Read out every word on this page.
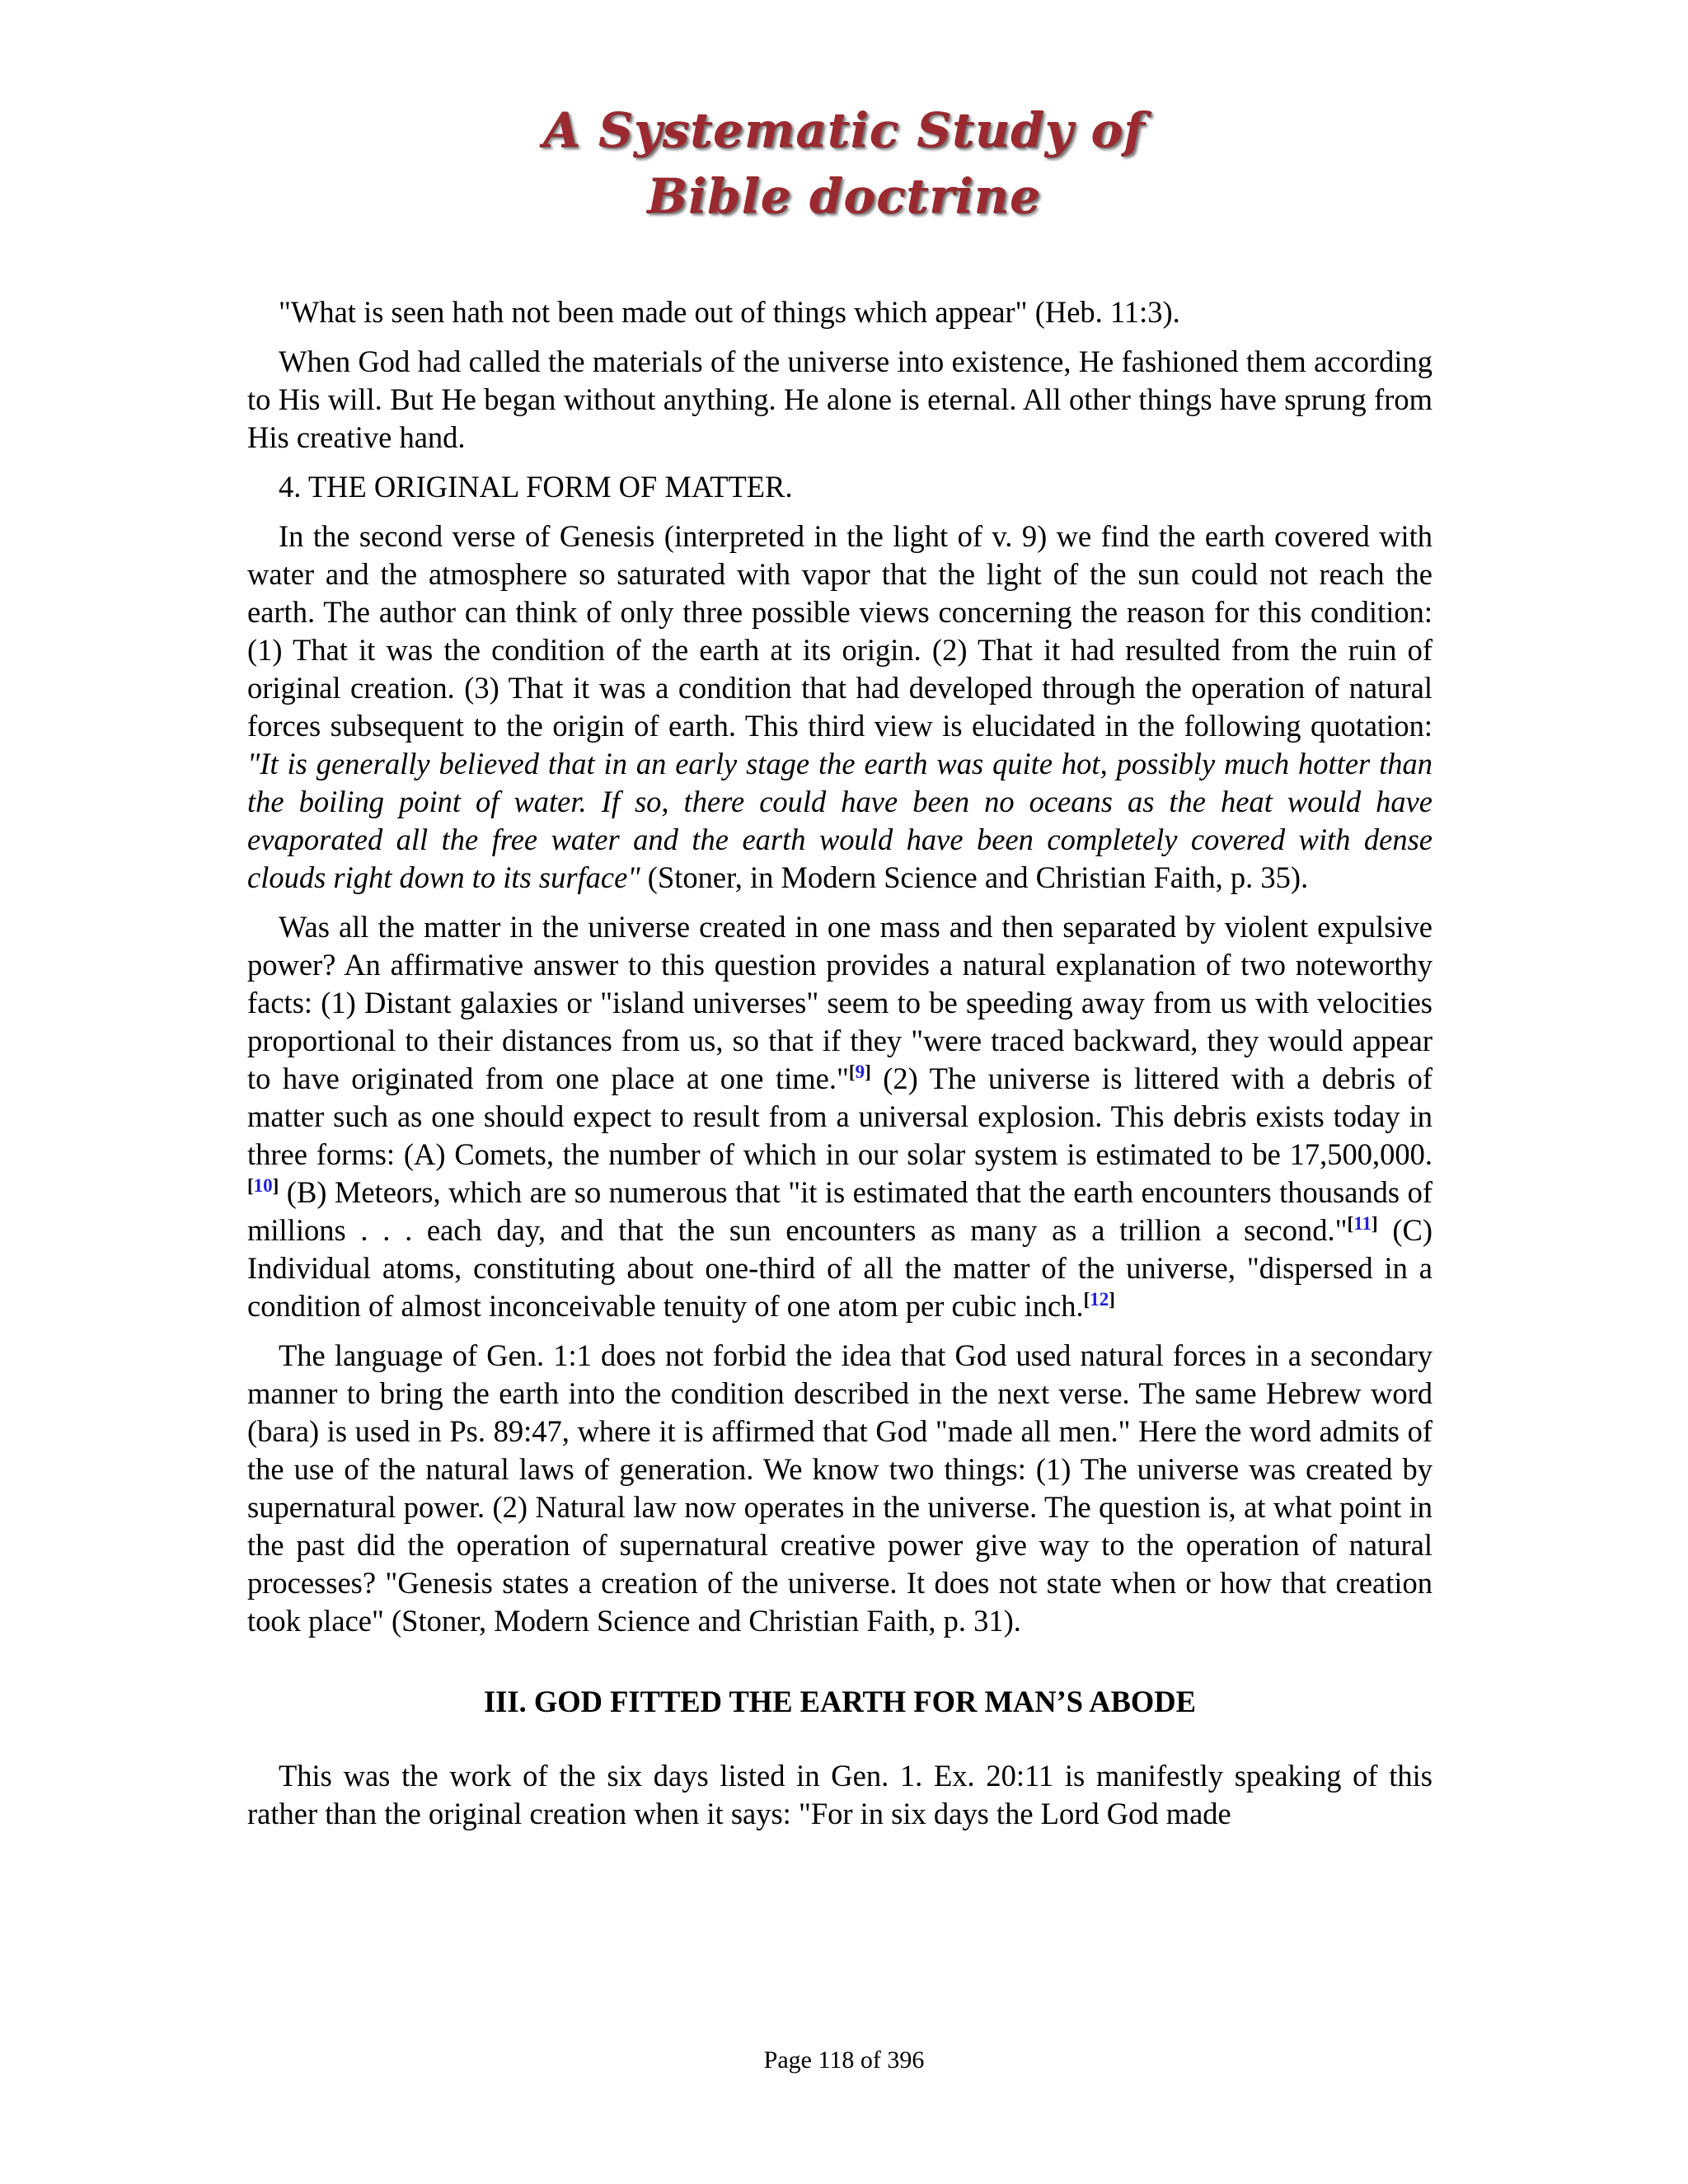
A Systematic Study of
Bible doctrine

"What is seen hath not been made out of things which appear" (Heb. 11:3).

When God had called the materials of the universe into existence, He fashioned them according to His will. But He began without anything. He alone is eternal. All other things have sprung from His creative hand.

4. THE ORIGINAL FORM OF MATTER.

In the second verse of Genesis (interpreted in the light of v. 9) we find the earth covered with water and the atmosphere so saturated with vapor that the light of the sun could not reach the earth. The author can think of only three possible views concerning the reason for this condition: (1) That it was the condition of the earth at its origin. (2) That it had resulted from the ruin of original creation. (3) That it was a condition that had developed through the operation of natural forces subsequent to the origin of earth. This third view is elucidated in the following quotation: "It is generally believed that in an early stage the earth was quite hot, possibly much hotter than the boiling point of water. If so, there could have been no oceans as the heat would have evaporated all the free water and the earth would have been completely covered with dense clouds right down to its surface" (Stoner, in Modern Science and Christian Faith, p. 35).

Was all the matter in the universe created in one mass and then separated by violent expulsive power? An affirmative answer to this question provides a natural explanation of two noteworthy facts: (1) Distant galaxies or "island universes" seem to be speeding away from us with velocities proportional to their distances from us, so that if they "were traced backward, they would appear to have originated from one place at one time."[9] (2) The universe is littered with a debris of matter such as one should expect to result from a universal explosion. This debris exists today in three forms: (A) Comets, the number of which in our solar system is estimated to be 17,500,000.[10] (B) Meteors, which are so numerous that "it is estimated that the earth encounters thousands of millions . . . each day, and that the sun encounters as many as a trillion a second."[11] (C) Individual atoms, constituting about one-third of all the matter of the universe, "dispersed in a condition of almost inconceivable tenuity of one atom per cubic inch.[12]

The language of Gen. 1:1 does not forbid the idea that God used natural forces in a secondary manner to bring the earth into the condition described in the next verse. The same Hebrew word (bara) is used in Ps. 89:47, where it is affirmed that God "made all men." Here the word admits of the use of the natural laws of generation. We know two things: (1) The universe was created by supernatural power. (2) Natural law now operates in the universe. The question is, at what point in the past did the operation of supernatural creative power give way to the operation of natural processes? "Genesis states a creation of the universe. It does not state when or how that creation took place" (Stoner, Modern Science and Christian Faith, p. 31).

III. GOD FITTED THE EARTH FOR MAN’S ABODE

This was the work of the six days listed in Gen. 1. Ex. 20:11 is manifestly speaking of this rather than the original creation when it says: "For in six days the Lord God made

Page 118 of 396
